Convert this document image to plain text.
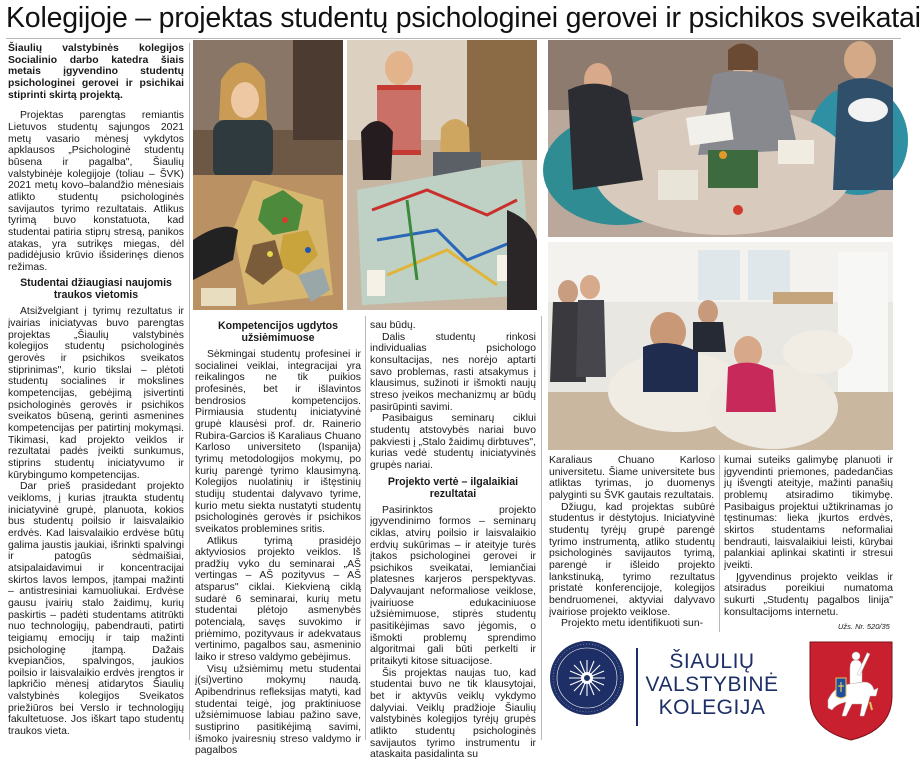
Kolegijoje – projektas studentų psichologinei gerovei ir psichikos sveikatai

Šiaulių valstybinės kolegijos Socialinio darbo katedra šiais metais įgyvendino studentų psichologinei gerovei ir psichikai stiprinti skirtą projektą.

Projektas parengtas remiantis Lietuvos studentų sąjungos 2021 metų vasario mėnesį vykdytos apklausos „Psichologinė studentų būsena ir pagalba", Šiaulių valstybinėje kolegijoje (toliau – ŠVK) 2021 metų kovo–balandžio mėnesiais atlikto studentų psichologinės savijautos tyrimo rezultatais. Atlikus tyrimą buvo konstatuota, kad studentai patiria stiprų stresą, panikos atakas, yra sutrikęs miegas, dėl padidėjusio krūvio išsiderinęs dienos režimas.

Studentai džiaugiasi naujomis traukos vietomis

Atsižvelgiant į tyrimų rezultatus ir įvairias iniciatyvas buvo parengtas projektas „Šiaulių valstybinės kolegijos studentų psichologinės gerovės ir psichikos sveikatos stiprinimas", kurio tikslai – plėtoti studentų socialines ir mokslines kompetencijas, gebėjimą įsivertinti psichologinės gerovės ir psichikos sveikatos būseną, gerinti asmenines kompetencijas per patirtinį mokymąsi. Tikimasi, kad projekto veiklos ir rezultatai padės įveikti sunkumus, stiprins studentų iniciatyvumo ir kūrybingumo kompetencijas.

Dar prieš prasidedant projekto veikloms, į kurias įtraukta studentų iniciatyvinė grupė, planuota, kokios bus studentų poilsio ir laisvalaikio erdvės. Kad laisvalaikio erdvėse būtų galima jaustis jaukiai, išrinkti spalvingi ir patogūs sėdmaišiai, atsipalaidavimui ir koncentracijai skirtos lavos lempos, įtampai mažinti – antistresiniai kamuoliukai. Erdvėse gausu įvairių stalo žaidimų, kurių paskirtis – padėti studentams atitrūkti nuo technologijų, pabendrauti, patirti teigiamų emocijų ir taip mažinti psichologinę įtampą. Dažais kvepiančios, spalvingos, jaukios poilsio ir laisvalaikio erdvės įrengtos ir lapkričio mėnesį atidarytos Šiaulių valstybinės kolegijos Sveikatos priežiūros bei Verslo ir technologijų fakultetuose. Jos iškart tapo studentų traukos vieta.

Kompetencijos ugdytos užsiėmimuose

Sėkmingai studentų profesinei ir socialinei veiklai, integracijai yra reikalingos ne tik puikios profesinės, bet ir išlavintos bendrosios kompetencijos. Pirmiausia studentų iniciatyvinė grupė klausėsi prof. dr. Rainerio Rubira-Garcios iš Karaliaus Chuano Karloso universiteto (Ispanija) tyrimų metodologijos mokymų, po kurių parengė tyrimo klausimyną. Kolegijos nuolatinių ir ištęstinių studijų studentai dalyvavo tyrime, kurio metu siekta nustatyti studentų psichologinės gerovės ir psichikos sveikatos problemines sritis.

Atlikus tyrimą prasidėjo aktyviosios projekto veiklos. Iš pradžių vyko du seminarai „AŠ vertingas – AŠ pozityvus – AŠ atsparus" ciklai. Kiekvieną ciklą sudarė 6 seminarai, kurių metu studentai plėtojo asmenybės potencialą, savęs suvokimo ir priėmimo, pozityvaus ir adekvataus vertinimo, pagalbos sau, asmeninio laiko ir streso valdymo gebėjimus.

Visų užsiėmimų metu studentai į(si)vertino mokymų naudą. Apibendrinus refleksijas matyti, kad studentai teigė, jog praktiniuose užsiėmimuose labiau pažino save, sustiprino pasitikėjimą savimi, išmoko įvairesnių streso valdymo ir pagalbos

sau būdų.

Dalis studentų rinkosi individualias psichologo konsultacijas, nes norėjo aptarti savo problemas, rasti atsakymus į klausimus, sužinoti ir išmokti naujų streso įveikos mechanizmų ar būdų pasirūpinti savimi.

Pasibaigus seminarų ciklui studentų atstovybės nariai buvo pakviesti į „Stalo žaidimų dirbtuves", kurias vedė studentų iniciatyvinės grupės nariai.

Projekto vertė – ilgalaikiai rezultatai

Pasirinktos projekto įgyvendinimo formos – seminarų ciklas, atvirų poilsio ir laisvalaikio erdvių sukūrimas – ir ateityje turės įtakos psichologinei gerovei ir psichikos sveikatai, lemiančiai platesnes karjeros perspektyvas. Dalyvaujant neformaliose veiklose, įvairiuose edukaciniuose užsiėmimuose, stiprės studentų pasitikėjimas savo jėgomis, o išmokti problemų sprendimo algoritmai gali būti perkelti ir pritaikyti kitose situacijose.

Šis projektas naujas tuo, kad studentai buvo ne tik klausytojai, bet ir aktyvūs veiklų vykdymo dalyviai. Veiklų pradžioje Šiaulių valstybinės kolegijos tyrėjų grupės atlikto studentų psichologinės savijautos tyrimo instrumentu ir ataskaita pasidalinta su

Karaliaus Chuano Karloso universitetu. Šiame universitete bus atliktas tyrimas, jo duomenys palyginti su ŠVK gautais rezultatais.

Džiugu, kad projektas subūrė studentus ir dėstytojus. Iniciatyvinė studentų tyrėjų grupė parengė tyrimo instrumentą, atliko studentų psichologinės savijautos tyrimą, parengė ir išleido projekto lankstinuką, tyrimo rezultatus pristatė konferencijoje, kolegijos bendruomenei, aktyviai dalyvavo įvairiose projekto veiklose.

Projekto metu identifikuoti sun-

kumai suteiks galimybę planuoti ir įgyvendinti priemones, padedančias jų išvengti ateityje, mažinti panašių problemų atsiradimo tikimybę. Pasibaigus projektui užtikrinamas jo tęstinumas: lieka įkurtos erdvės, skirtos studentams neformaliai bendrauti, laisvalaikiui leisti, kūrybai palankiai aplinkai skatinti ir stresui įveikti.

Įgyvendinus projekto veiklas ir atsiradus poreikiui numatoma sukurti „Studentų pagalbos linija" konsultacijoms internetu.

Užs. Nr. 520/35
ŠIAULIŲ
VALSTYBINĖ
KOLEGIJA
